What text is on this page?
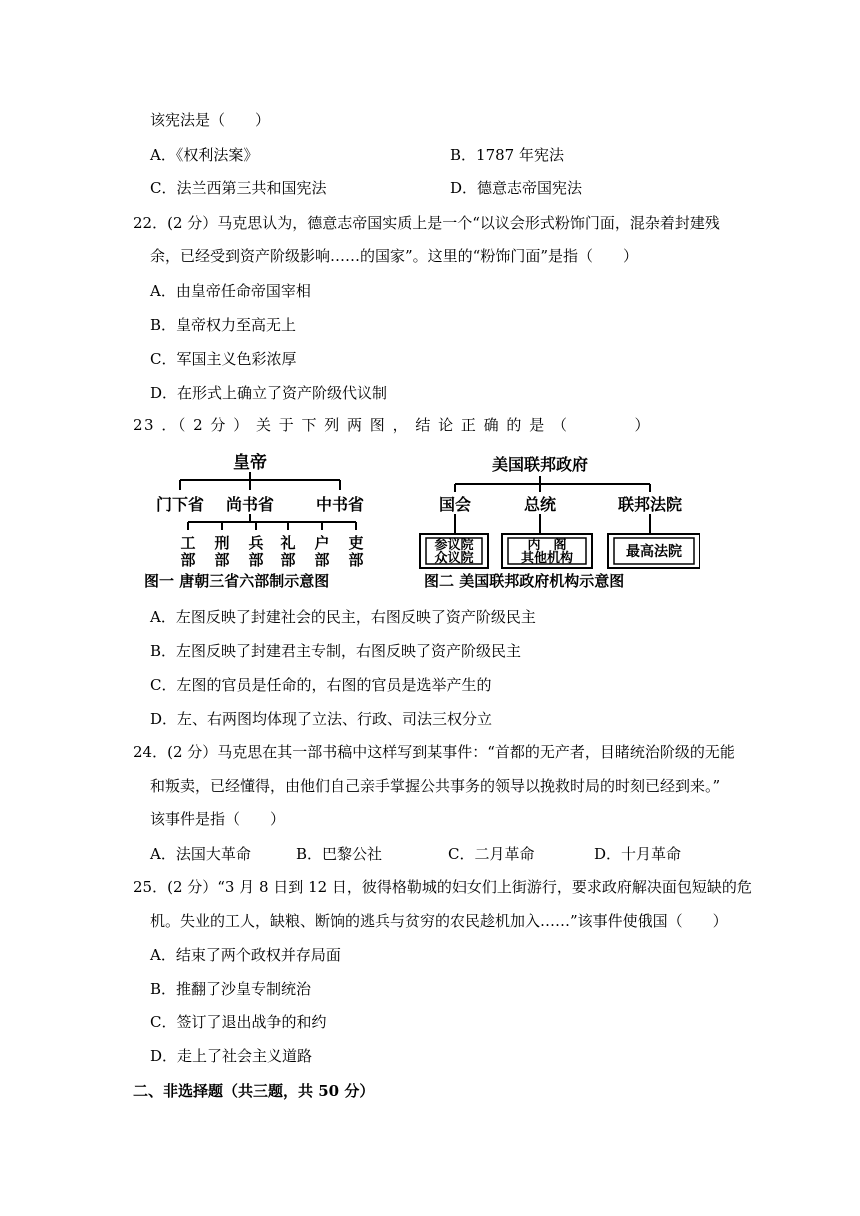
该宪法是（　　）
A．《权利法案》	B．1787 年宪法
C．法兰西第三共和国宪法	D．德意志帝国宪法
22．(2 分）马克思认为，德意志帝国实质上是一个“以议会形式粉饰门面，混杂着封建残
余，已经受到资产阶级影响……的国家”。这里的“粉饰门面”是指（　　）
A．由皇帝任命帝国宰相
B．皇帝权力至高无上
C．军国主义色彩浓厚
D．在形式上确立了资产阶级代议制
23 ．（ 2 分 ） 关 于 下 列 两 图 ， 结 论 正 确 的 是 （　　　　）
皇帝
门下省 尚书省	中书省
工部
刑部
兵部
礼部
户部
吏部
图一 唐朝三省六部制示意图
美国联邦政府
国会	总统	联邦法院
参议院
众议院
内　阁
其他机构	最高法院
图二 美国联邦政府机构示意图
A．左图反映了封建社会的民主，右图反映了资产阶级民主
B．左图反映了封建君主专制，右图反映了资产阶级民主
C．左图的官员是任命的，右图的官员是选举产生的
D．左、右两图均体现了立法、行政、司法三权分立
24．(2 分）马克思在其一部书稿中这样写到某事件：“首都的无产者，目睹统治阶级的无能
和叛卖，已经懂得，由他们自己亲手掌握公共事务的领导以挽救时局的时刻已经到来。”
该事件是指（　　）
A．法国大革命	B．巴黎公社	C．二月革命	D．十月革命
25．(2 分）“3 月 8 日到 12 日，彼得格勒城的妇女们上街游行，要求政府解决面包短缺的危
机。失业的工人，缺粮、断饷的逃兵与贫穷的农民趁机加入……”该事件使俄国（　　）
A．结束了两个政权并存局面
B．推翻了沙皇专制统治
C．签订了退出战争的和约
D．走上了社会主义道路
二、非选择题（共三题，共 50 分）
